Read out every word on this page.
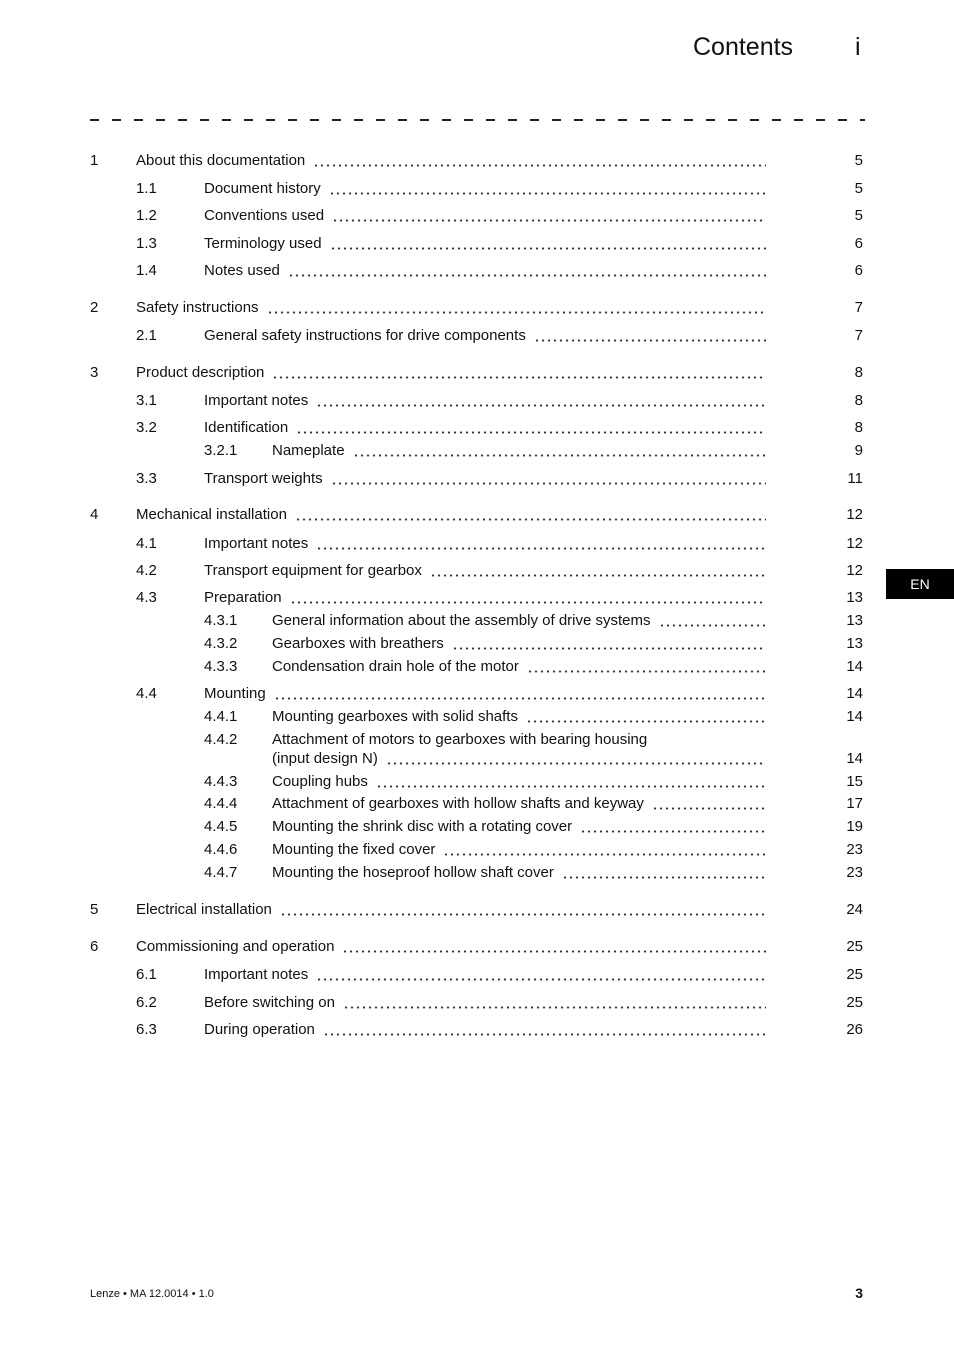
Contents i
1	About this documentation	5
1.1	Document history	5
1.2	Conventions used	5
1.3	Terminology used	6
1.4	Notes used	6
2	Safety instructions	7
2.1	General safety instructions for drive components	7
3	Product description	8
3.1	Important notes	8
3.2	Identification	8
3.2.1 Nameplate	9
3.3	Transport weights	11
4	Mechanical installation	12
4.1	Important notes	12
4.2	Transport equipment for gearbox	12
4.3	Preparation	13
4.3.1 General information about the assembly of drive systems	13
4.3.2 Gearboxes with breathers	13
4.3.3 Condensation drain hole of the motor	14
4.4	Mounting	14
4.4.1 Mounting gearboxes with solid shafts	14
4.4.2 Attachment of motors to gearboxes with bearing housing
(input design N)	14
4.4.3 Coupling hubs	15
4.4.4 Attachment of gearboxes with hollow shafts and keyway	17
4.4.5 Mounting the shrink disc with a rotating cover	19
4.4.6 Mounting the fixed cover	23
4.4.7 Mounting the hoseproof hollow shaft cover	23
5	Electrical installation	24
6	Commissioning and operation	25
6.1	Important notes	25
6.2	Before switching on	25
6.3	During operation	26
EN
Lenze • MA 12.0014 • 1.0	3
